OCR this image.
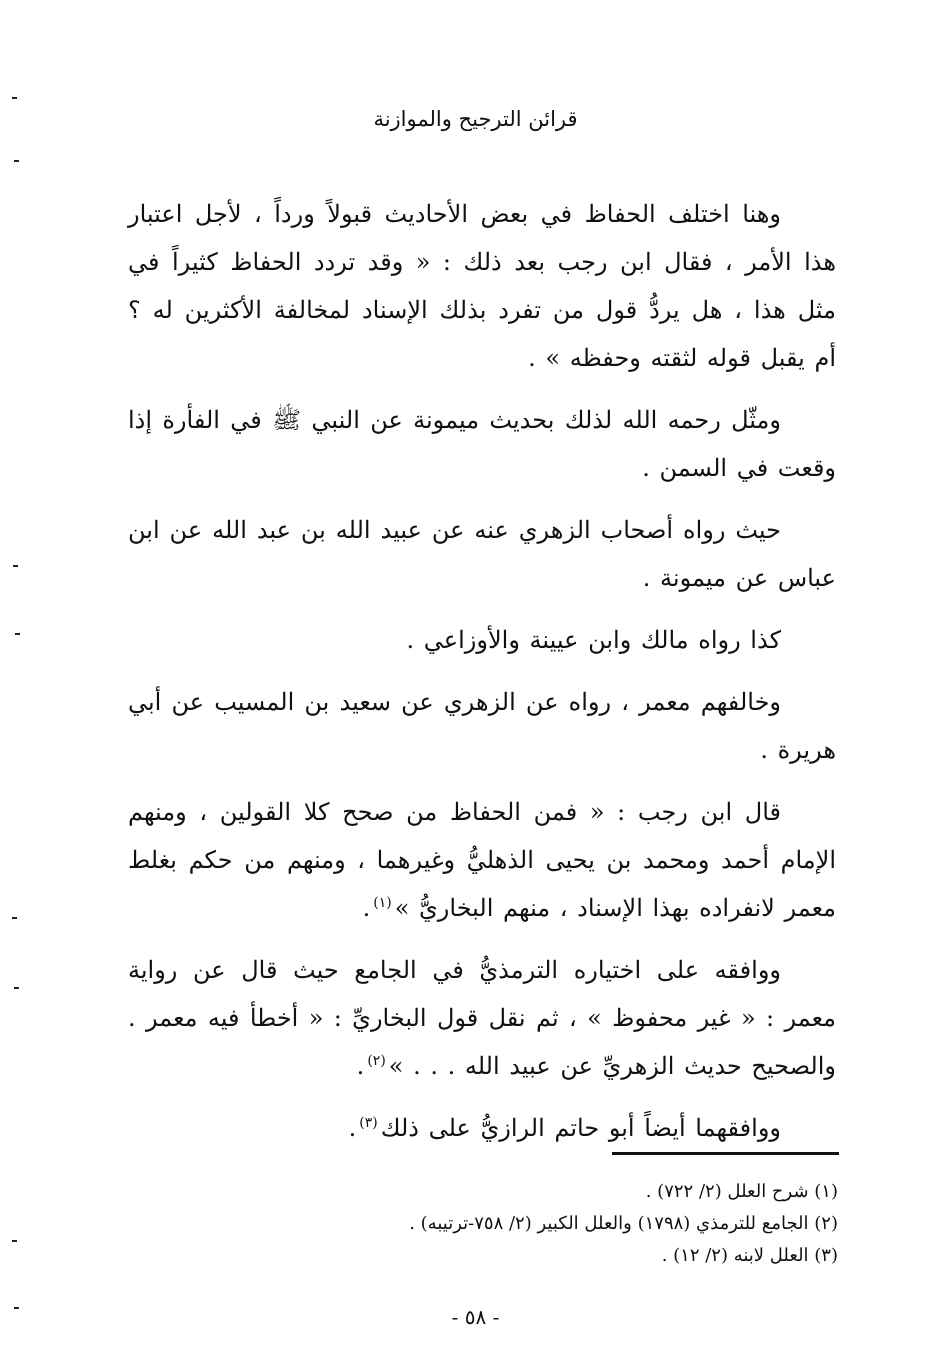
قرائن الترجيح والموازنة

وهنا اختلف الحفاظ في بعض الأحاديث قبولاً ورداً ، لأجل اعتبار هذا الأمر ، فقال ابن رجب بعد ذلك : « وقد تردد الحفاظ كثيراً في مثل هذا ، هل يردُّ قول من تفرد بذلك الإسناد لمخالفة الأكثرين له ؟ أم يقبل قوله لثقته وحفظه » .

ومثّل رحمه الله لذلك بحديث ميمونة عن النبي ﷺ في الفأرة إذا وقعت في السمن .

حيث رواه أصحاب الزهري عنه عن عبيد الله بن عبد الله عن ابن عباس عن ميمونة .

كذا رواه مالك وابن عيينة والأوزاعي .

وخالفهم معمر ، رواه عن الزهري عن سعيد بن المسيب عن أبي هريرة .

قال ابن رجب : « فمن الحفاظ من صحح كلا القولين ، ومنهم الإمام أحمد ومحمد بن يحيى الذهليُّ وغيرهما ، ومنهم من حكم بغلط معمر لانفراده بهذا الإسناد ، منهم البخاريُّ »$^{(١)}$.

ووافقه على اختياره الترمذيُّ في الجامع حيث قال عن رواية معمر : « غير محفوظ » ، ثم نقل قول البخاريِّ : « أخطأ فيه معمر . والصحيح حديث الزهريِّ عن عبيد الله . . . »$^{(٢)}$.

ووافقهما أيضاً أبو حاتم الرازيُّ على ذلك$^{(٣)}$.

(١) شرح العلل (٢/ ٧٢٢) .

(٢) الجامع للترمذي (١٧٩٨) والعلل الكبير (٢/ ٧٥٨-ترتيبه) .

(٣) العلل لابنه (٢/ ١٢) .

- ٥٨ -
